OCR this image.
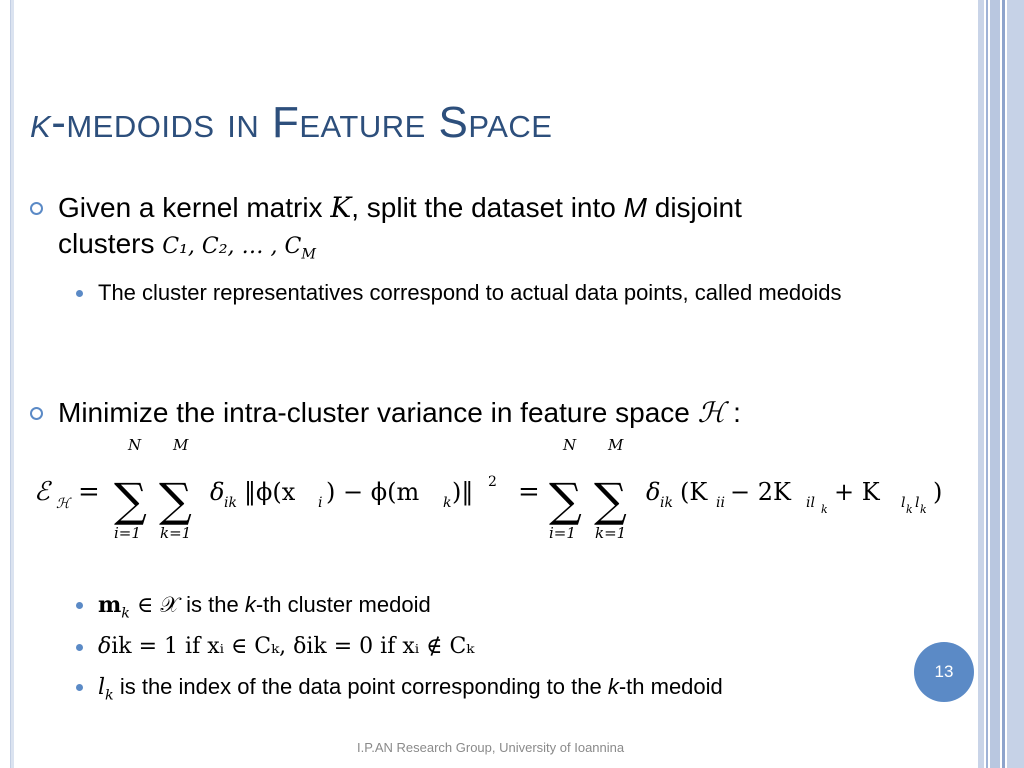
k-medoids in Feature Space
Given a kernel matrix K, split the dataset into M disjoint
clusters C₁, C₂, … , $C_M$
The cluster representatives correspond to actual data points, called medoids
Minimize the intra-cluster variance in feature space ℋ :
ℰ ℋ =
N
∑
i=1
M
∑
k=1
δ ik ‖ϕ(x i ) − ϕ(m k )‖ 2 =
N
∑
i=1
M
∑
k=1
δ ik (K ii − 2K il k
+ K l k l k
)
$m_k$ ∈ 𝒳 is the k-th cluster medoid
δik = 1 if xᵢ ∈ Cₖ, δik = 0 if xᵢ ∉ Cₖ
$l_k$ is the index of the data point corresponding to the k-th medoid
13
I.P.AN Research Group, University of Ioannina
